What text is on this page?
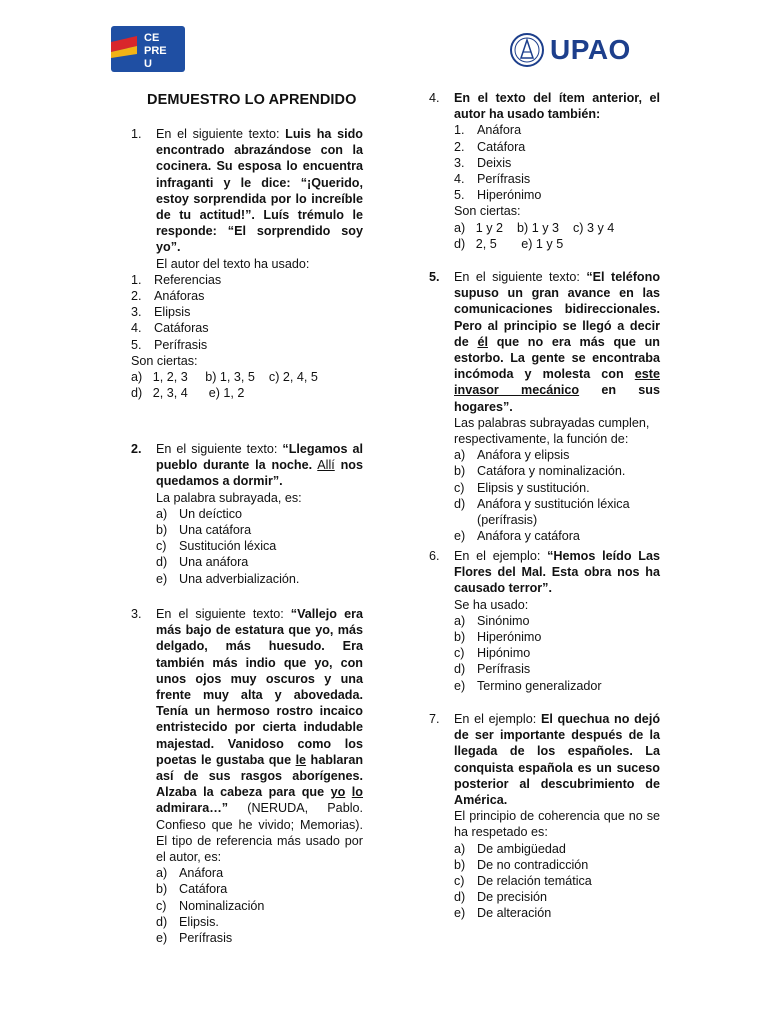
CE
PRE
U	UPAO
DEMUESTRO LO APRENDIDO
1. En el siguiente texto: Luis ha sido encontrado abrazándose con la cocinera. Su esposa lo encuentra infraganti y le dice: “¡Querido, estoy sorprendida por lo increíble de tu actitud!”. Luís trémulo le responde: “El sorprendido soy yo”.
El autor del texto ha usado:
1. Referencias
2. Anáforas
3. Elipsis
4. Catáforas
5. Perífrasis
Son ciertas:
a)   1, 2, 3     b) 1, 3, 5    c) 2, 4, 5
d)   2, 3, 4      e) 1, 2
2. En el siguiente texto: “Llegamos al pueblo durante la noche. Allí nos quedamos a dormir”.
La palabra subrayada, es:
a) Un deíctico
b) Una catáfora
c) Sustitución léxica
d) Una anáfora
e) Una adverbialización.
3. En el siguiente texto: “Vallejo era más bajo de estatura que yo, más delgado, más huesudo. Era también más indio que yo, con unos ojos muy oscuros y una frente muy alta y abovedada. Tenía un hermoso rostro incaico entristecido por cierta indudable majestad. Vanidoso como los poetas le gustaba que le hablaran así de sus rasgos aborígenes. Alzaba la cabeza para que yo lo admirara…” (NERUDA, Pablo. Confieso que he vivido; Memorias). El tipo de referencia más usado por el autor, es:
a) Anáfora
b) Catáfora
c) Nominalización
d) Elipsis.
e) Perífrasis
4. En el texto del ítem anterior, el autor ha usado también:
1. Anáfora
2. Catáfora
3. Deixis
4. Perífrasis
5. Hiperónimo
Son ciertas:
a)   1 y 2    b) 1 y 3    c) 3 y 4
d)   2, 5       e) 1 y 5
5. En el siguiente texto: “El teléfono supuso un gran avance en las comunicaciones bidireccionales. Pero al principio se llegó a decir de él que no era más que un estorbo. La gente se encontraba incómoda y molesta con este invasor mecánico en sus hogares”.
Las palabras subrayadas cumplen, respectivamente, la función de:
a) Anáfora y elipsis
b) Catáfora y nominalización.
c) Elipsis y sustitución.
d) Anáfora y sustitución léxica (perífrasis)
e) Anáfora y catáfora
6. En el ejemplo: “Hemos leído Las Flores del Mal. Esta obra nos ha causado terror”.
Se ha usado:
a) Sinónimo
b) Hiperónimo
c) Hipónimo
d) Perífrasis
e) Termino generalizador
7. En el ejemplo: El quechua no dejó de ser importante después de la llegada de los españoles. La conquista española es un suceso posterior al descubrimiento de América.
El principio de coherencia que no se ha respetado es:
a) De ambigüedad
b) De no contradicción
c) De relación temática
d) De precisión
e) De alteración
